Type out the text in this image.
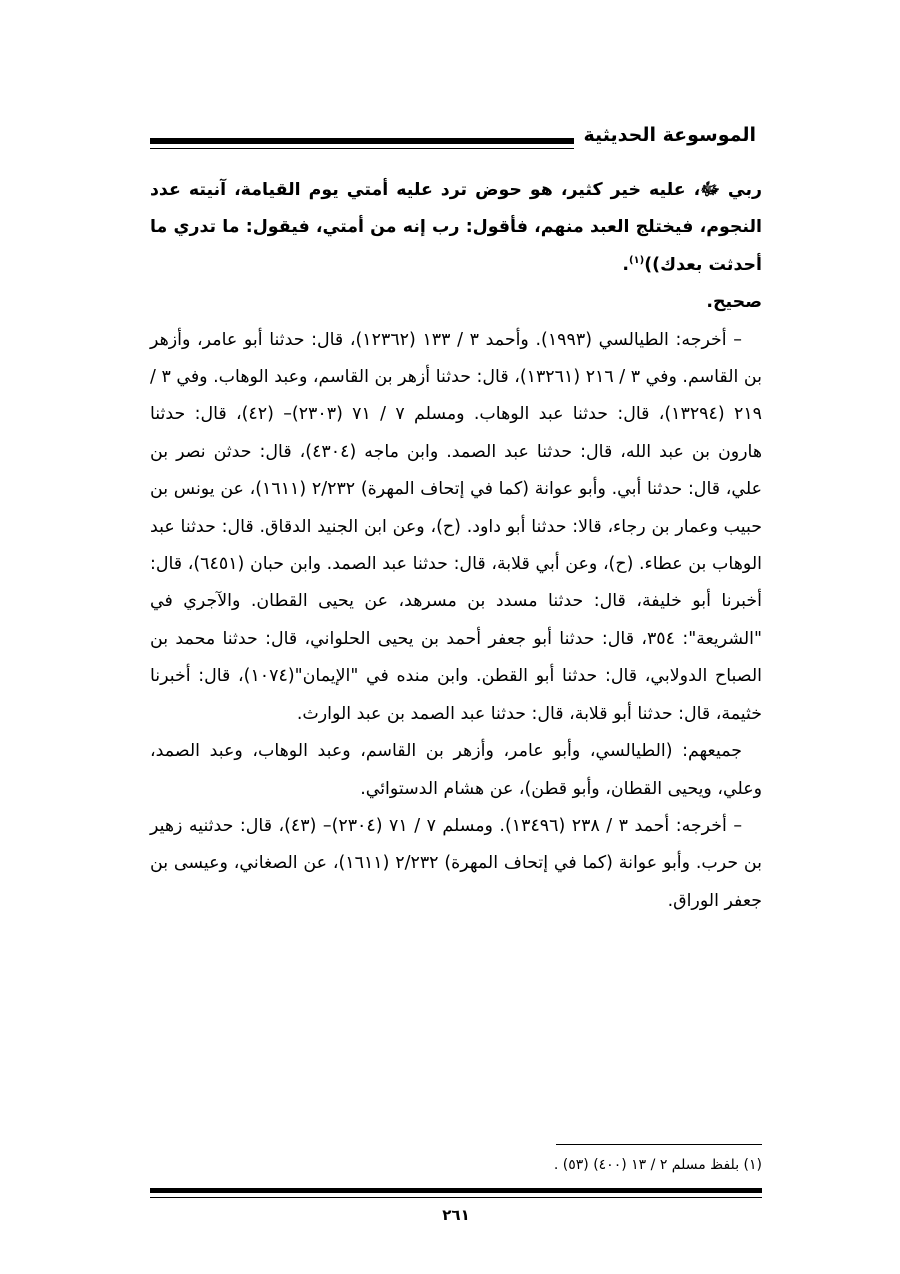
الموسوعة الحديثية

ربي ﷻ، عليه خير كثير، هو حوض ترد عليه أمتي يوم القيامة، آنيته عدد النجوم، فيختلج العبد منهم، فأقول: رب إنه من أمتي، فيقول: ما تدري ما أحدثت بعدك))$^{(١)}$.

صحيح.

– أخرجه: الطيالسي (١٩٩٣). وأحمد ٣ / ١٣٣ (١٢٣٦٢)، قال: حدثنا أبو عامر، وأزهر بن القاسم. وفي ٣ / ٢١٦ (١٣٢٦١)، قال: حدثنا أزهر بن القاسم، وعبد الوهاب. وفي ٣ / ٢١٩ (١٣٢٩٤)، قال: حدثنا عبد الوهاب. ومسلم ٧ / ٧١ (٢٣٠٣)– (٤٢)، قال: حدثنا هارون بن عبد الله، قال: حدثنا عبد الصمد. وابن ماجه (٤٣٠٤)، قال: حدثن نصر بن علي، قال: حدثنا أبي. وأبو عوانة (كما في إتحاف المهرة) ٢/٢٣٢ (١٦١١)، عن يونس بن حبيب وعمار بن رجاء، قالا: حدثنا أبو داود. (ح)، وعن ابن الجنيد الدقاق. قال: حدثنا عبد الوهاب بن عطاء. (ح)، وعن أبي قلابة، قال: حدثنا عبد الصمد. وابن حبان (٦٤٥١)، قال: أخبرنا أبو خليفة، قال: حدثنا مسدد بن مسرهد، عن يحيى القطان. والآجري في "الشريعة": ٣٥٤، قال: حدثنا أبو جعفر أحمد بن يحيى الحلواني، قال: حدثنا محمد بن الصباح الدولابي، قال: حدثنا أبو القطن. وابن منده في "الإيمان"(١٠٧٤)، قال: أخبرنا خثيمة، قال: حدثنا أبو قلابة، قال: حدثنا عبد الصمد بن عبد الوارث.

جميعهم: (الطيالسي، وأبو عامر، وأزهر بن القاسم، وعبد الوهاب، وعبد الصمد، وعلي، ويحيى القطان، وأبو قطن)، عن هشام الدستوائي.

– أخرجه: أحمد ٣ / ٢٣٨ (١٣٤٩٦). ومسلم ٧ / ٧١ (٢٣٠٤)– (٤٣)، قال: حدثنيه زهير بن حرب. وأبو عوانة (كما في إتحاف المهرة) ٢/٢٣٢ (١٦١١)، عن الصغاني، وعيسى بن جعفر الوراق.

(١) بلفظ مسلم ٢ / ١٣ (٤٠٠) (٥٣) .
٢٦١
